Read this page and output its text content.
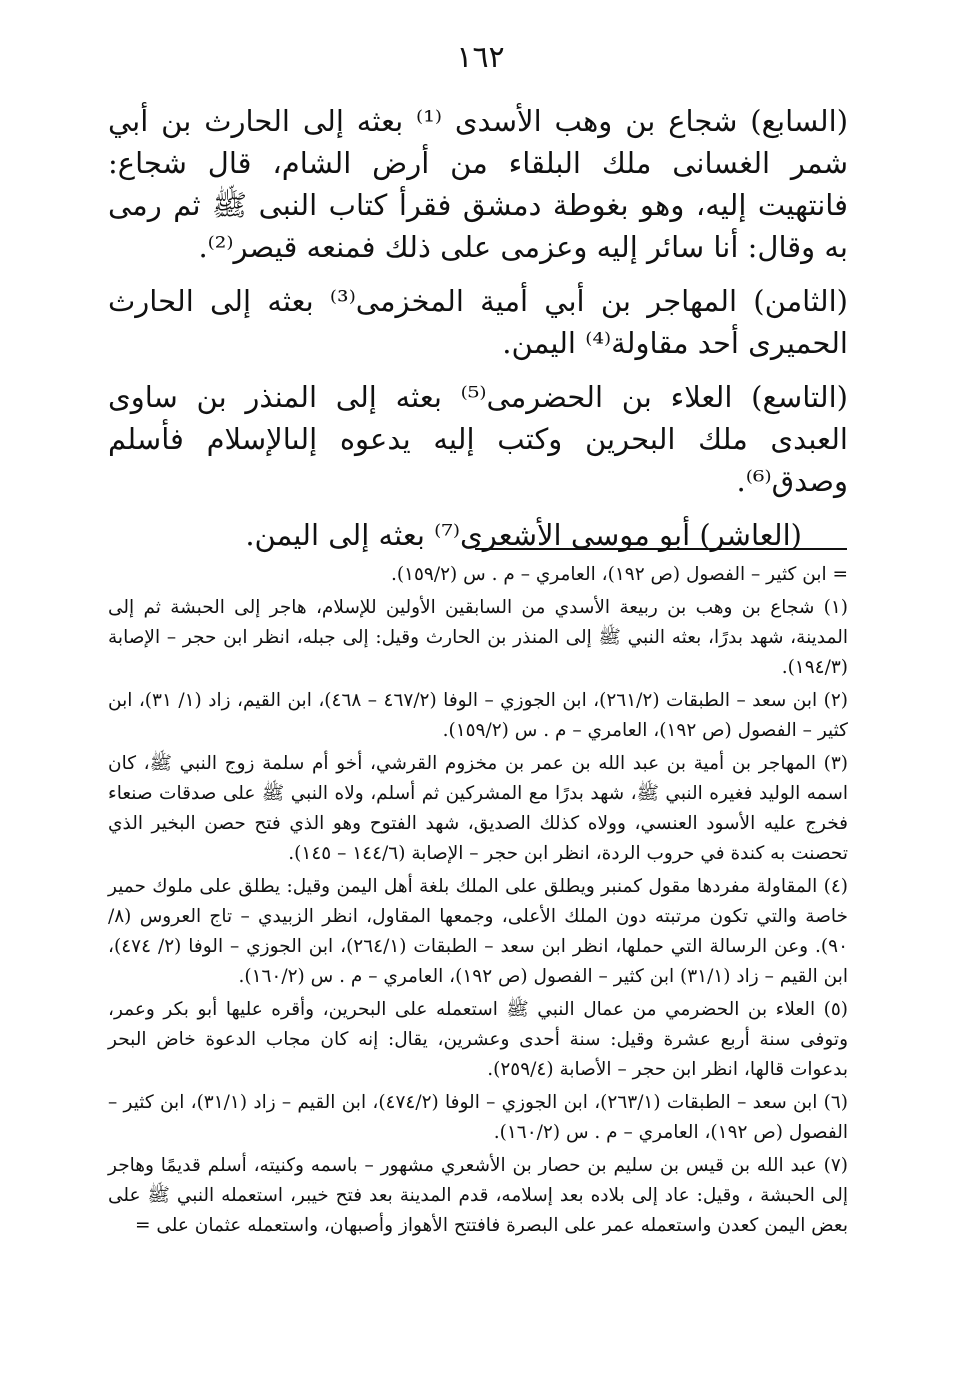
١٦٢

(السابع) شجاع بن وهب الأسدى ⁽¹⁾ بعثه إلى الحارث بن أبي شمر الغسانى ملك البلقاء من أرض الشام، قال شجاع: فانتهيت إليه، وهو بغوطة دمشق فقرأ كتاب النبى ﷺ ثم رمى به وقال: أنا سائر إليه وعزمى على ذلك فمنعه قيصر⁽²⁾.

(الثامن) المهاجر بن أبي أمية المخزمى⁽³⁾ بعثه إلى الحارث الحميرى أحد مقاولة⁽⁴⁾ اليمن.

(التاسع) العلاء بن الحضرمى⁽⁵⁾ بعثه إلى المنذر بن ساوى العبدى ملك البحرين وكتب إليه يدعوه إلىالإسلام فأسلم وصدق⁽⁶⁾.

(العاشر) أبو موسى الأشعرى⁽⁷⁾ بعثه إلى اليمن.

= ابن كثير – الفصول (ص ١٩٢)، العامري – م . س (١٥٩/٢).

(١) شجاع بن وهب بن ربيعة الأسدي من السابقين الأولين للإسلام، هاجر إلى الحبشة ثم إلى المدينة، شهد بدرًا، بعثه النبي ﷺ إلى المنذر بن الحارث وقيل: إلى جبله، انظر ابن حجر – الإصابة (١٩٤/٣).

(٢) ابن سعد – الطبقات (٢٦١/٢)، ابن الجوزي – الوفا (٤٦٧/٢ – ٤٦٨)، ابن القيم، زاد (١/ ٣١)، ابن كثير – الفصول (ص ١٩٢)، العامري – م . س (١٥٩/٢).

(٣) المهاجر بن أمية بن عبد الله بن عمر بن مخزوم القرشي، أخو أم سلمة زوج النبي ﷺ، كان اسمه الوليد فغيره النبي ﷺ، شهد بدرًا مع المشركين ثم أسلم، ولاه النبي ﷺ على صدقات صنعاء فخرج عليه الأسود العنسي، وولاه كذلك الصديق، شهد الفتوح وهو الذي فتح حصن البخير الذي تحصنت به كندة في حروب الردة، انظر ابن حجر – الإصابة (١٤٤/٦ – ١٤٥).

(٤) المقاولة مفردها مقول كمنبر ويطلق على الملك بلغة أهل اليمن وقيل: يطلق على ملوك حمير خاصة والتي تكون مرتبته دون الملك الأعلى، وجمعها المقاول، انظر الزبيدي – تاج العروس (٨/ ٩٠). وعن الرسالة التي حملها، انظر ابن سعد – الطبقات (٢٦٤/١)، ابن الجوزي – الوفا (٢/ ٤٧٤)، ابن القيم – زاد (٣١/١) ابن كثير – الفصول (ص ١٩٢)، العامري – م . س (١٦٠/٢).

(٥) العلاء بن الحضرمي من عمال النبي ﷺ استعمله على البحرين، وأقره عليها أبو بكر وعمر، وتوفى سنة أربع عشرة وقيل: سنة أحدى وعشرين، يقال: إنه كان مجاب الدعوة خاض البحر بدعوات قالها، انظر ابن حجر – الأصابة (٢٥٩/٤).

(٦) ابن سعد – الطبقات (٢٦٣/١)، ابن الجوزي – الوفا (٤٧٤/٢)، ابن القيم – زاد (٣١/١)، ابن كثير – الفصول (ص ١٩٢)، العامري – م . س (١٦٠/٢).

(٧) عبد الله بن قيس بن سليم بن حصار بن الأشعري مشهور – باسمه وكنيته، أسلم قديمًا وهاجر إلى الحبشة ، وقيل: عاد إلى بلاده بعد إسلامه، قدم المدينة بعد فتح خيبر، استعمله النبي ﷺ على بعض اليمن كعدن واستعمله عمر على البصرة فافتتح الأهواز وأصبهان، واستعمله عثمان على =
